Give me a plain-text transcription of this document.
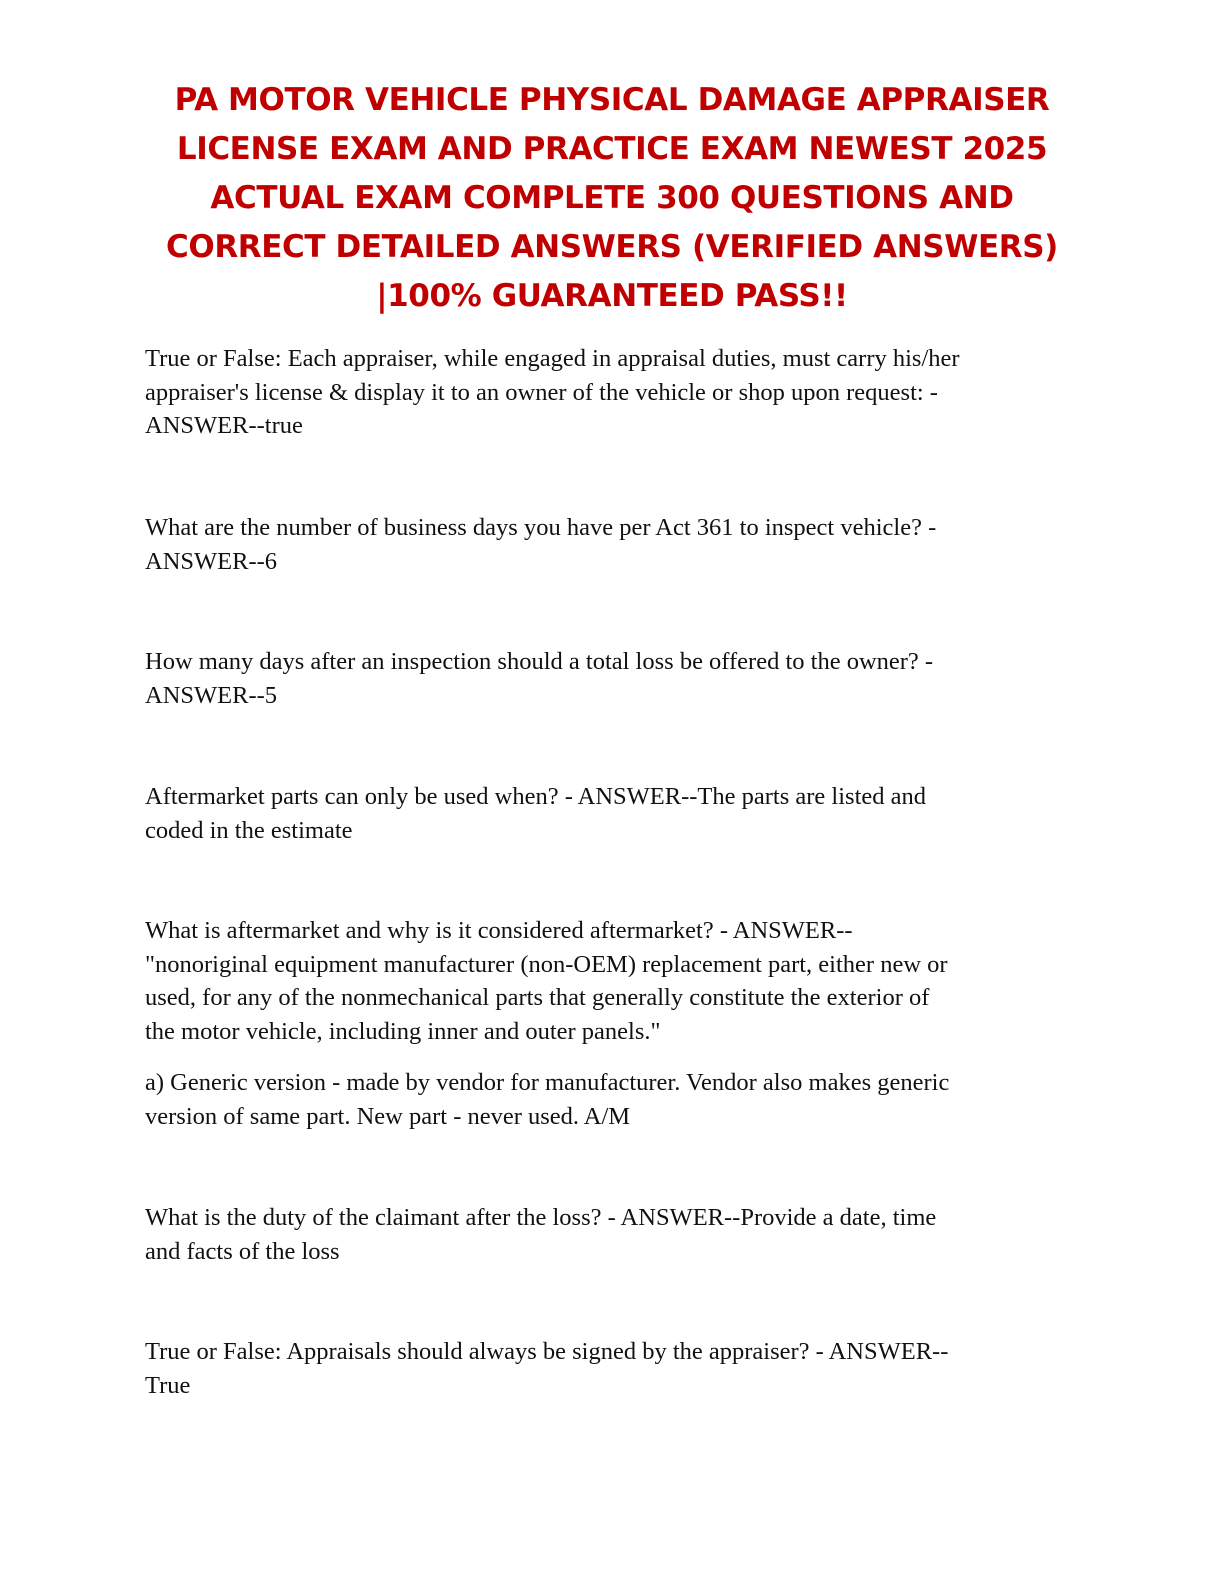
PA MOTOR VEHICLE PHYSICAL DAMAGE APPRAISER
LICENSE EXAM AND PRACTICE EXAM NEWEST 2025
ACTUAL EXAM COMPLETE 300 QUESTIONS AND
CORRECT DETAILED ANSWERS (VERIFIED ANSWERS)
|100% GUARANTEED PASS!!

True or False: Each appraiser, while engaged in appraisal duties, must carry his/her
appraiser's license & display it to an owner of the vehicle or shop upon request: -
ANSWER--true

What are the number of business days you have per Act 361 to inspect vehicle? -
ANSWER--6

How many days after an inspection should a total loss be offered to the owner? -
ANSWER--5

Aftermarket parts can only be used when? - ANSWER--The parts are listed and
coded in the estimate

What is aftermarket and why is it considered aftermarket? - ANSWER--
"nonoriginal equipment manufacturer (non-OEM) replacement part, either new or
used, for any of the nonmechanical parts that generally constitute the exterior of
the motor vehicle, including inner and outer panels."

a) Generic version - made by vendor for manufacturer. Vendor also makes generic
version of same part. New part - never used. A/M

What is the duty of the claimant after the loss? - ANSWER--Provide a date, time
and facts of the loss

True or False: Appraisals should always be signed by the appraiser? - ANSWER--
True
